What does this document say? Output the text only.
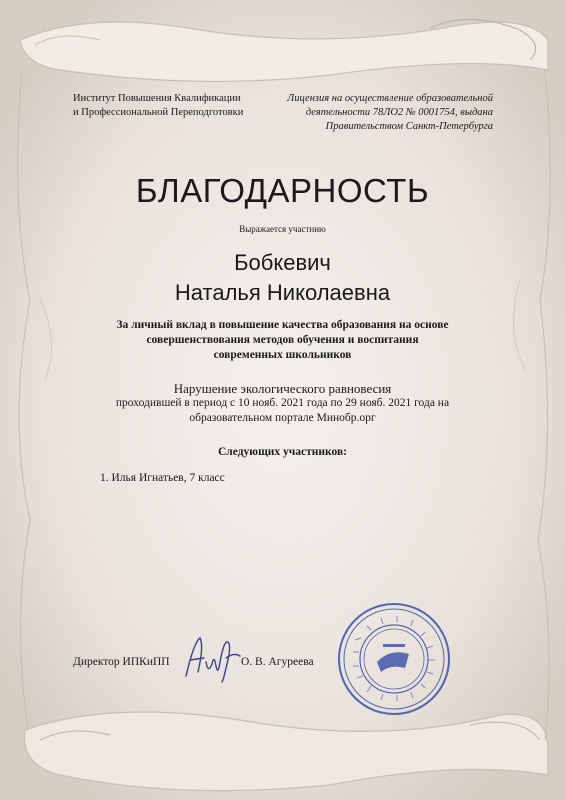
Институт Повышения Квалификации
и Профессиональной Переподготовки
Лицензия на осуществление образовательной
деятельности 78ЛО2 № 0001754, выдана
Правительством Санкт-Петербурга
БЛАГОДАРНОСТЬ
Выражается участнию
Бобкевич
Наталья Николаевна
За личный вклад в повышение качества образования на основе
совершенствования методов обучения и воспитания
современных школьников
Нарушение экологического равновесия
проходившей в период с 10 нояб. 2021 года по 29 нояб. 2021 года на
образовательном портале Минобр.орг
Следующих участников:
1. Илья Игнатьев, 7 класс
Директор ИПКиПП	О. В. Агуреева
